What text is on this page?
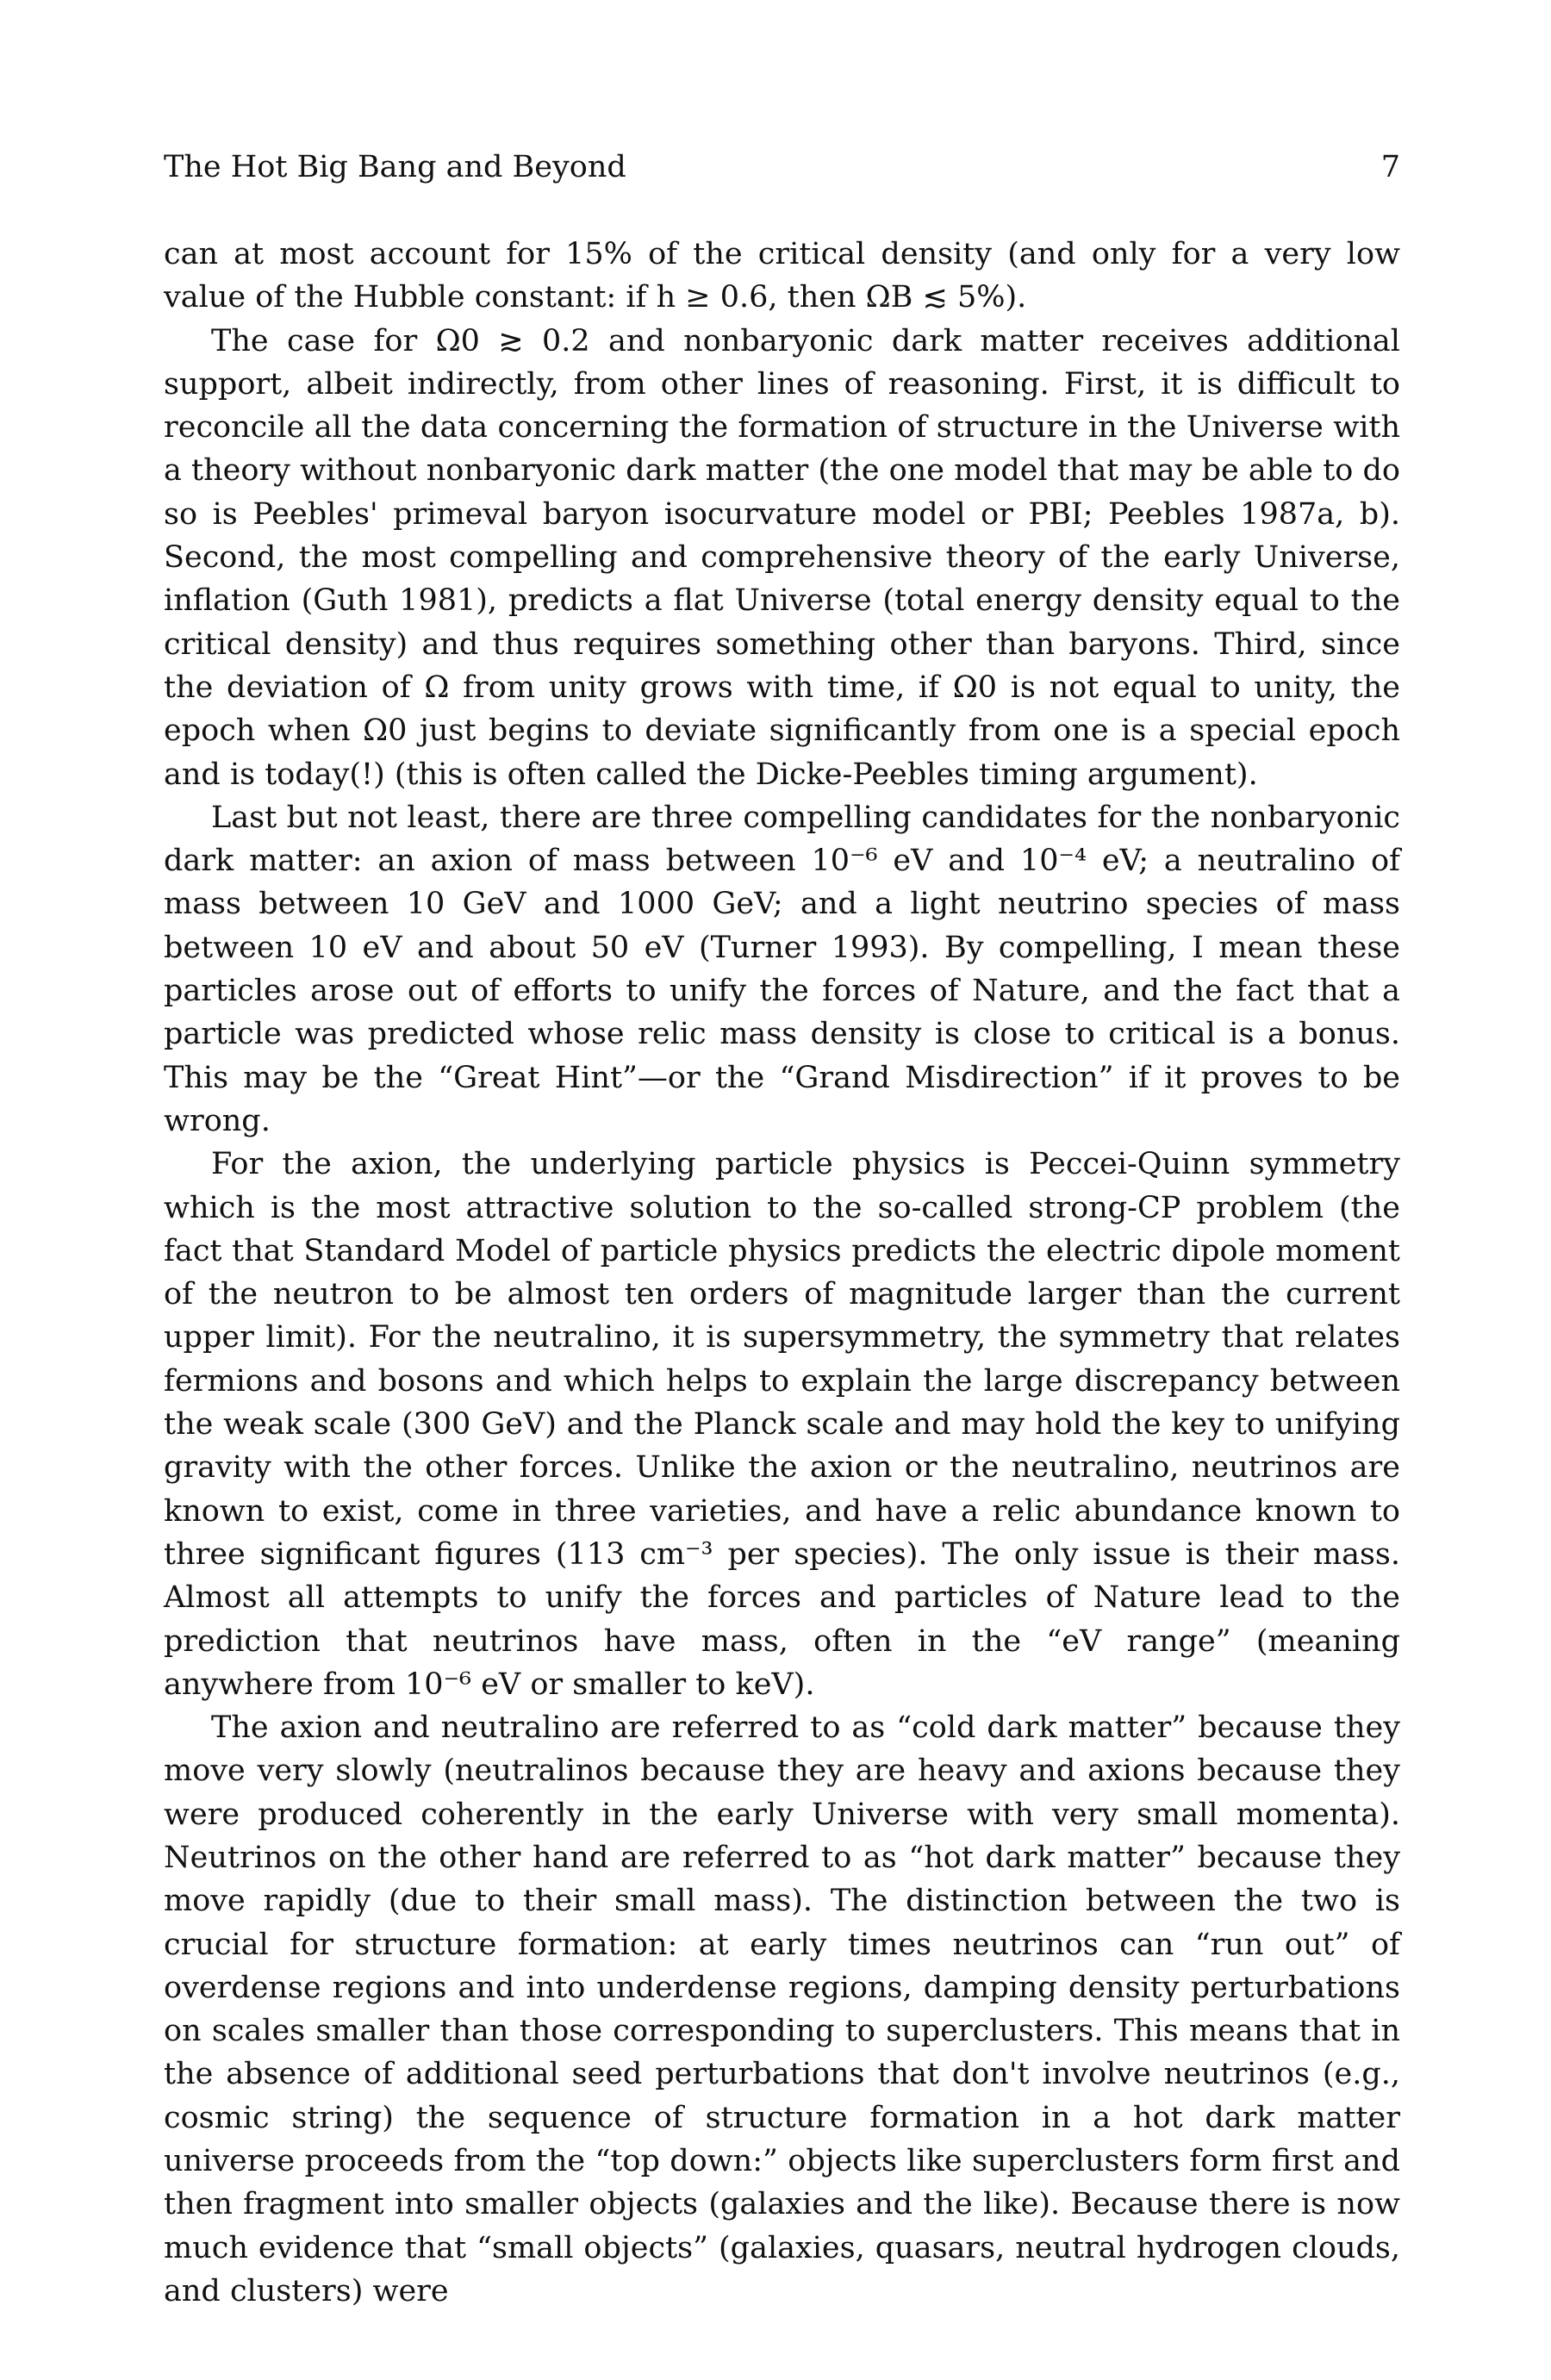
The Hot Big Bang and Beyond	7

can at most account for 15% of the critical density (and only for a very low value of the Hubble constant: if h ≥ 0.6, then ΩB ≲ 5%).

The case for Ω0 ≳ 0.2 and nonbaryonic dark matter receives additional support, albeit indirectly, from other lines of reasoning. First, it is difficult to reconcile all the data concerning the formation of structure in the Universe with a theory without nonbaryonic dark matter (the one model that may be able to do so is Peebles' primeval baryon isocurvature model or PBI; Peebles 1987a, b). Second, the most compelling and comprehensive theory of the early Universe, inflation (Guth 1981), predicts a flat Universe (total energy density equal to the critical density) and thus requires something other than baryons. Third, since the deviation of Ω from unity grows with time, if Ω0 is not equal to unity, the epoch when Ω0 just begins to deviate significantly from one is a special epoch and is today(!) (this is often called the Dicke-Peebles timing argument).

Last but not least, there are three compelling candidates for the nonbaryonic dark matter: an axion of mass between 10⁻⁶ eV and 10⁻⁴ eV; a neutralino of mass between 10 GeV and 1000 GeV; and a light neutrino species of mass between 10 eV and about 50 eV (Turner 1993). By compelling, I mean these particles arose out of efforts to unify the forces of Nature, and the fact that a particle was predicted whose relic mass density is close to critical is a bonus. This may be the “Great Hint”—or the “Grand Misdirection” if it proves to be wrong.

For the axion, the underlying particle physics is Peccei-Quinn symmetry which is the most attractive solution to the so-called strong-CP problem (the fact that Standard Model of particle physics predicts the electric dipole moment of the neutron to be almost ten orders of magnitude larger than the current upper limit). For the neutralino, it is supersymmetry, the symmetry that relates fermions and bosons and which helps to explain the large discrepancy between the weak scale (300 GeV) and the Planck scale and may hold the key to unifying gravity with the other forces. Unlike the axion or the neutralino, neutrinos are known to exist, come in three varieties, and have a relic abundance known to three significant figures (113 cm⁻³ per species). The only issue is their mass. Almost all attempts to unify the forces and particles of Nature lead to the prediction that neutrinos have mass, often in the “eV range” (meaning anywhere from 10⁻⁶ eV or smaller to keV).

The axion and neutralino are referred to as “cold dark matter” because they move very slowly (neutralinos because they are heavy and axions because they were produced coherently in the early Universe with very small momenta). Neutrinos on the other hand are referred to as “hot dark matter” because they move rapidly (due to their small mass). The distinction between the two is crucial for structure formation: at early times neutrinos can “run out” of overdense regions and into underdense regions, damping density perturbations on scales smaller than those corresponding to superclusters. This means that in the absence of additional seed perturbations that don't involve neutrinos (e.g., cosmic string) the sequence of structure formation in a hot dark matter universe proceeds from the “top down:” objects like superclusters form first and then fragment into smaller objects (galaxies and the like). Because there is now much evidence that “small objects” (galaxies, quasars, neutral hydrogen clouds, and clusters) were
